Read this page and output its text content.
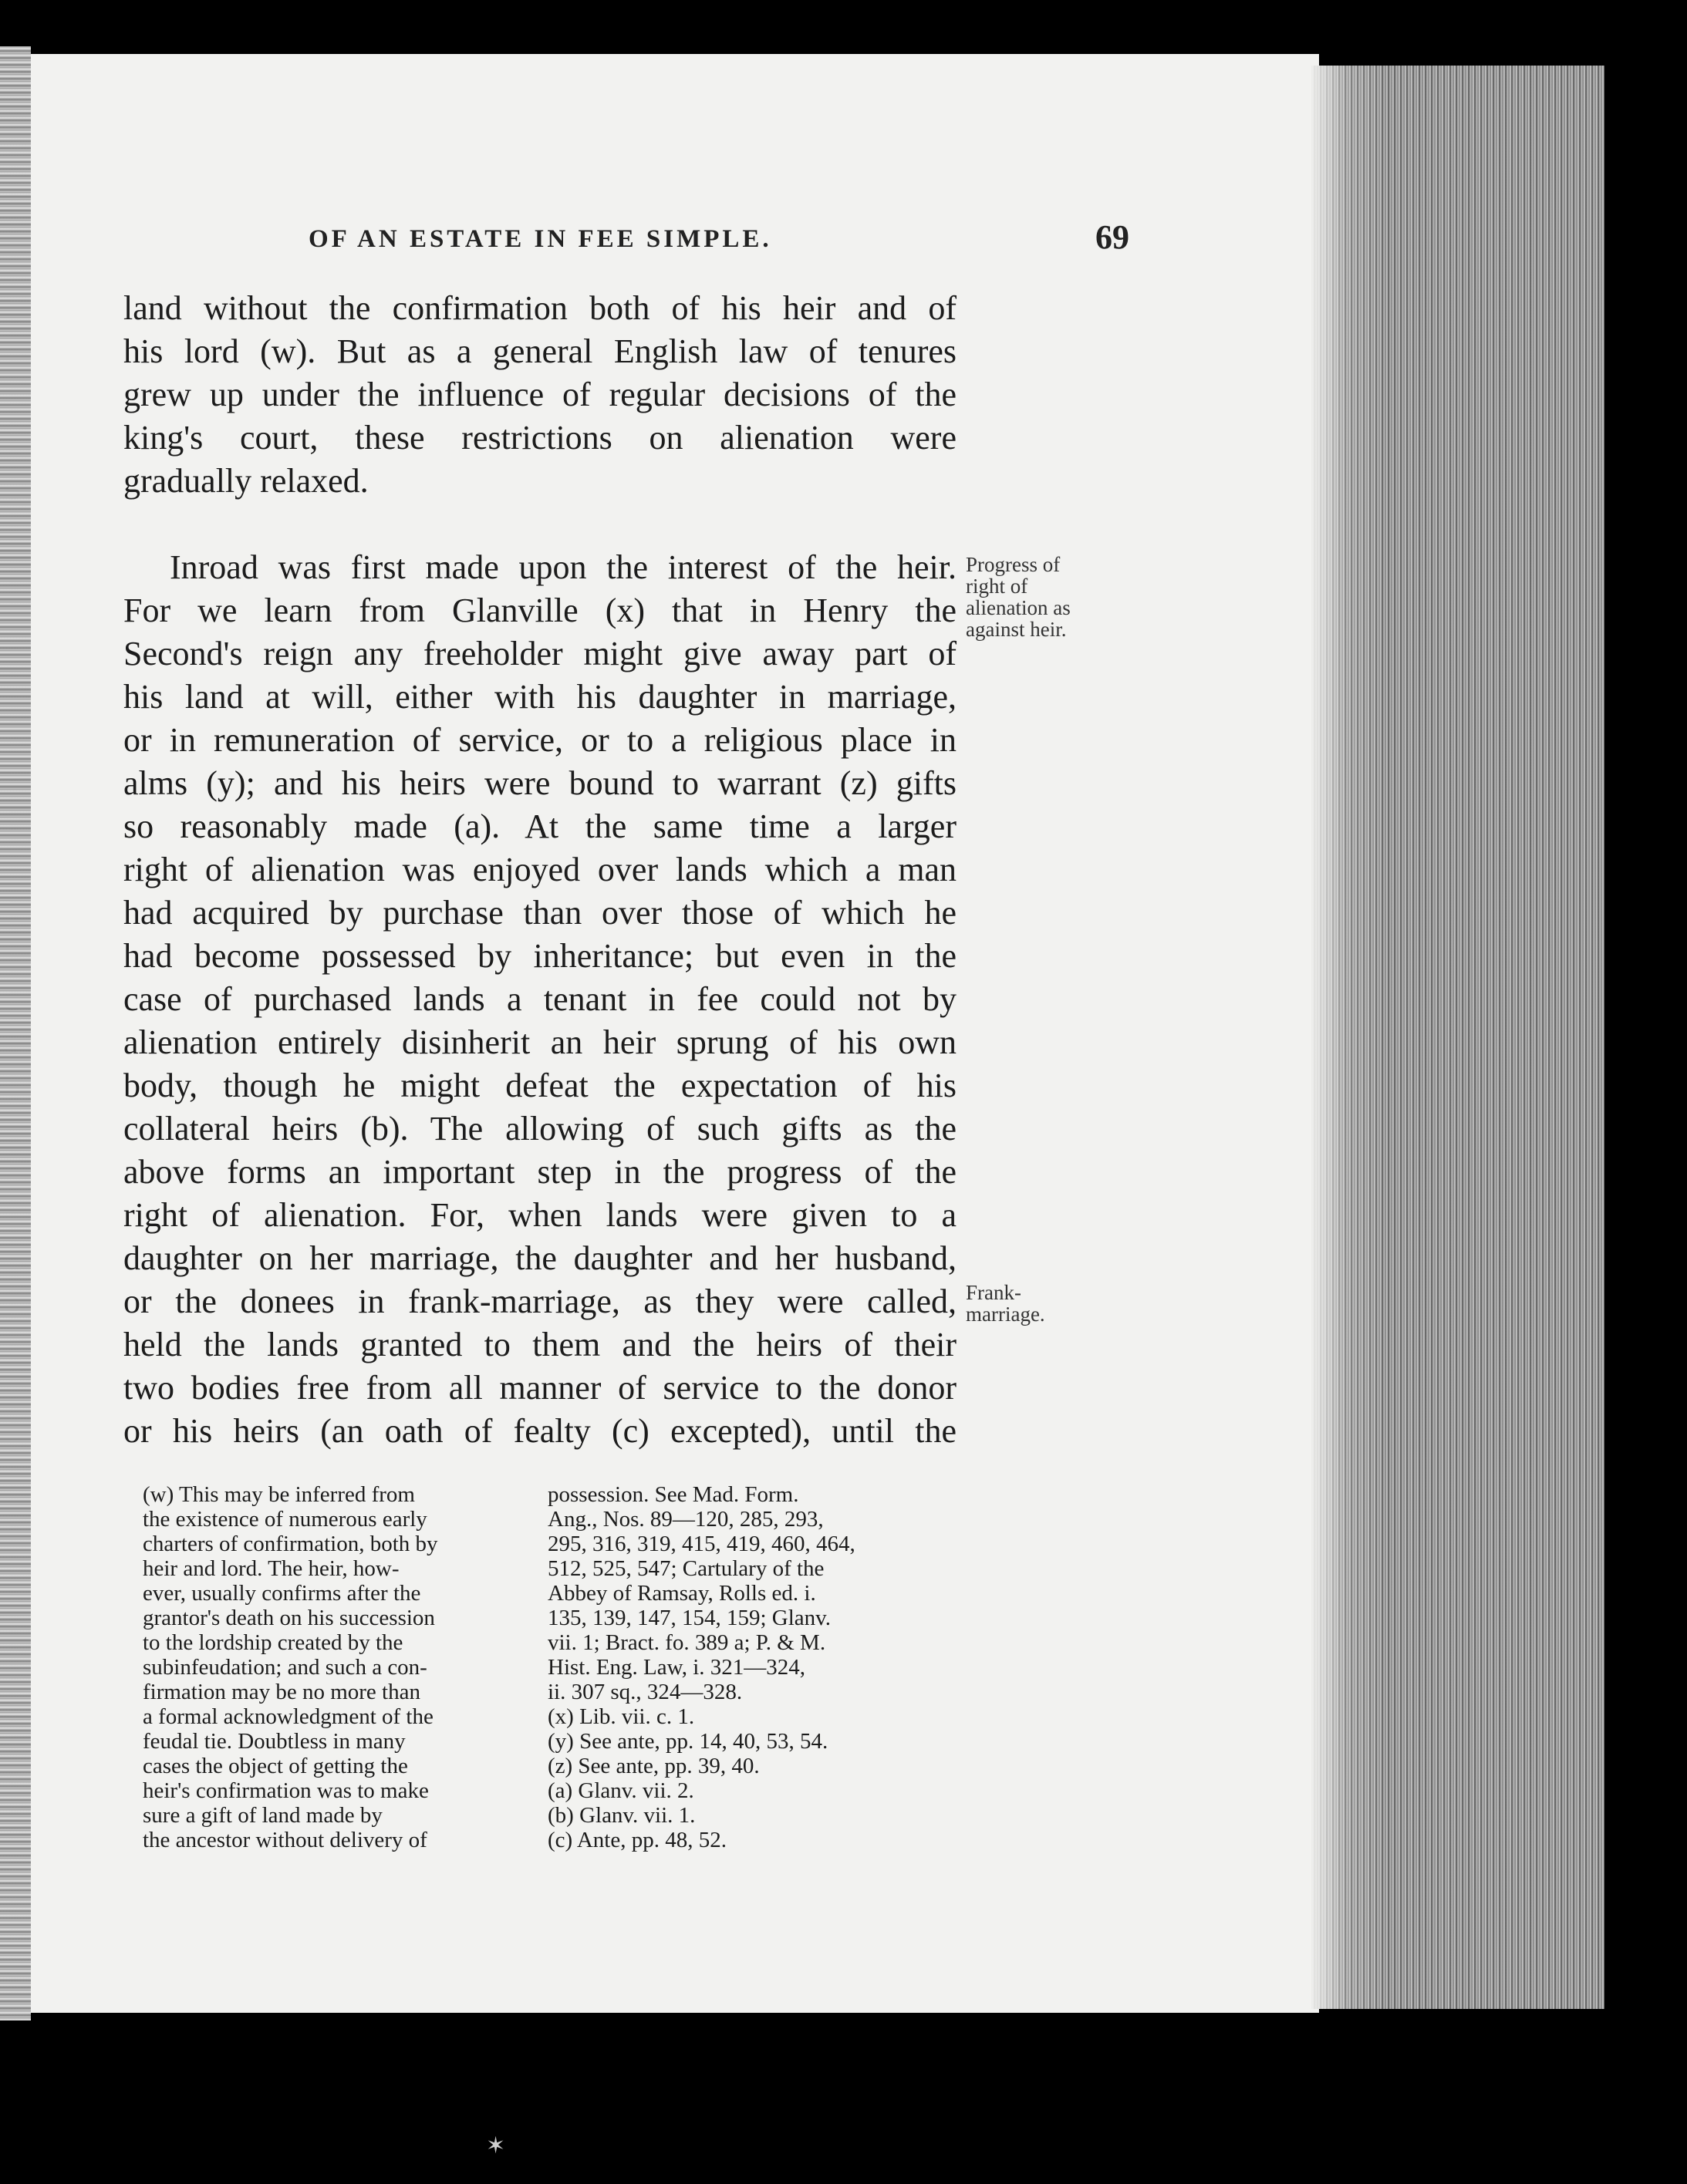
OF AN ESTATE IN FEE SIMPLE.	69
land without the confirmation both of his heir and of
his lord (w). But as a general English law of tenures
grew up under the influence of regular decisions of the
king's court, these restrictions on alienation were
gradually relaxed.
Inroad was first made upon the interest of the heir.
For we learn from Glanville (x) that in Henry the
Second's reign any freeholder might give away part of
his land at will, either with his daughter in marriage,
or in remuneration of service, or to a religious place in
alms (y); and his heirs were bound to warrant (z) gifts
so reasonably made (a). At the same time a larger
right of alienation was enjoyed over lands which a man
had acquired by purchase than over those of which he
had become possessed by inheritance; but even in the
case of purchased lands a tenant in fee could not by
alienation entirely disinherit an heir sprung of his own
body, though he might defeat the expectation of his
collateral heirs (b). The allowing of such gifts as the
above forms an important step in the progress of the
right of alienation. For, when lands were given to a
daughter on her marriage, the daughter and her husband,
or the donees in frank-marriage, as they were called,
held the lands granted to them and the heirs of their
two bodies free from all manner of service to the donor
or his heirs (an oath of fealty (c) excepted), until the
Progress of
right of
alienation as
against heir.
Frank-
marriage.
(w) This may be inferred from
the existence of numerous early
charters of confirmation, both by
heir and lord. The heir, how-
ever, usually confirms after the
grantor's death on his succession
to the lordship created by the
subinfeudation; and such a con-
firmation may be no more than
a formal acknowledgment of the
feudal tie. Doubtless in many
cases the object of getting the
heir's confirmation was to make
sure a gift of land made by
the ancestor without delivery of
possession. See Mad. Form.
Ang., Nos. 89—120, 285, 293,
295, 316, 319, 415, 419, 460, 464,
512, 525, 547; Cartulary of the
Abbey of Ramsay, Rolls ed. i.
135, 139, 147, 154, 159; Glanv.
vii. 1; Bract. fo. 389 a; P. & M.
Hist. Eng. Law, i. 321—324,
ii. 307 sq., 324—328.
(x) Lib. vii. c. 1.
(y) See ante, pp. 14, 40, 53, 54.
(z) See ante, pp. 39, 40.
(a) Glanv. vii. 2.
(b) Glanv. vii. 1.
(c) Ante, pp. 48, 52.
✶
